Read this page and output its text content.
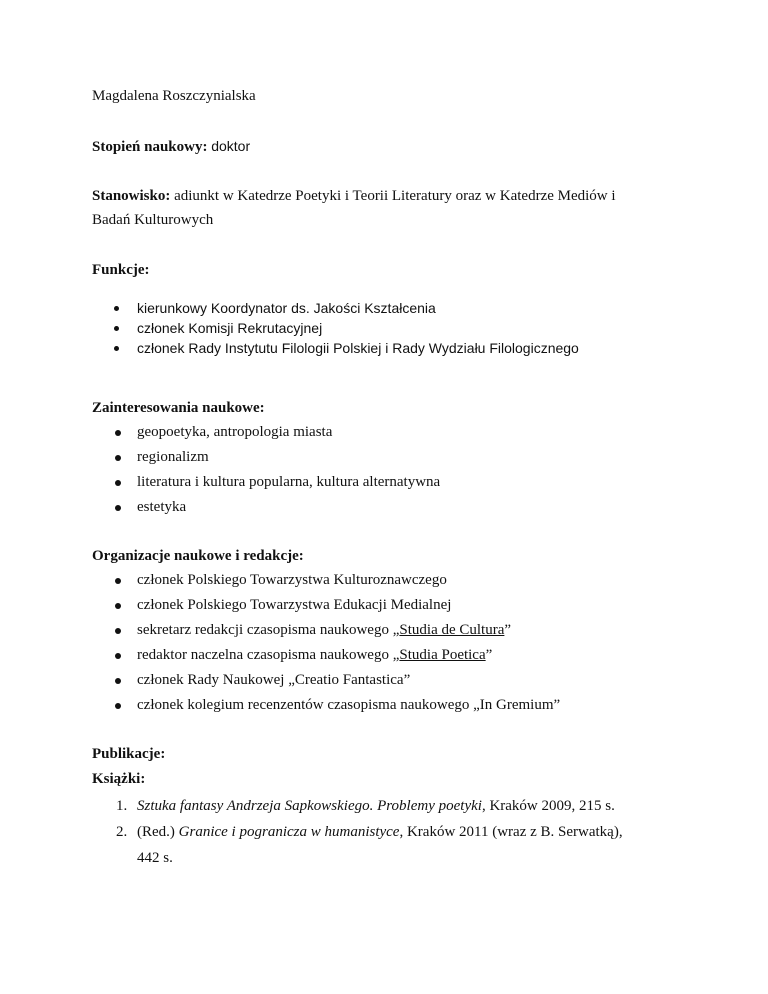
Magdalena Roszczynialska
Stopień naukowy: doktor
Stanowisko: adiunkt w Katedrze Poetyki i Teorii Literatury oraz w Katedrze Mediów i
Badań Kulturowych
Funkcje:
kierunkowy Koordynator ds. Jakości Kształcenia
członek Komisji Rekrutacyjnej
członek Rady Instytutu Filologii Polskiej i Rady Wydziału Filologicznego
Zainteresowania naukowe:
geopoetyka, antropologia miasta
regionalizm
literatura i kultura popularna, kultura alternatywna
estetyka
Organizacje naukowe i redakcje:
członek Polskiego Towarzystwa Kulturoznawczego
członek Polskiego Towarzystwa Edukacji Medialnej
sekretarz redakcji czasopisma naukowego „Studia de Cultura”
redaktor naczelna czasopisma naukowego „Studia Poetica”
członek Rady Naukowej „Creatio Fantastica”
członek kolegium recenzentów czasopisma naukowego „In Gremium”
Publikacje:
Książki:
1. Sztuka fantasy Andrzeja Sapkowskiego. Problemy poetyki, Kraków 2009, 215 s.
2. (Red.) Granice i pogranicza w humanistyce, Kraków 2011 (wraz z B. Serwatką),
442 s.
